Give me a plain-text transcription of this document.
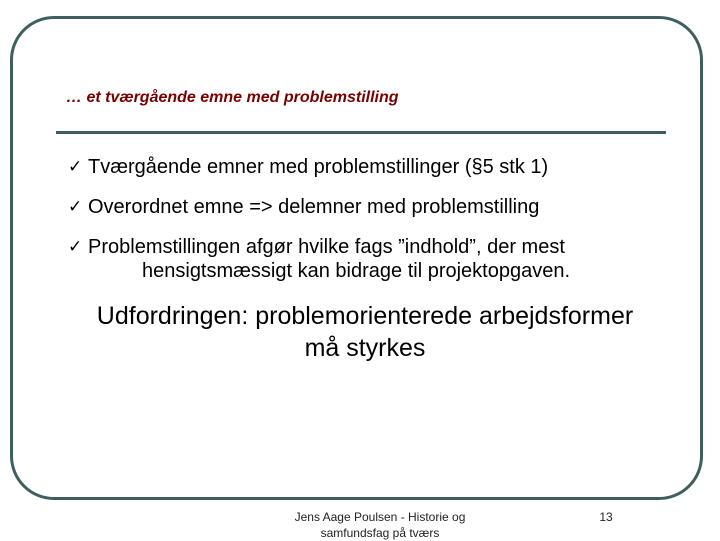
… et tværgående emne med problemstilling
✓ Tværgående emner med problemstillinger (§5 stk 1)
✓ Overordnet emne => delemner med problemstilling
✓ Problemstillingen afgør hvilke fags ”indhold”, der mest
hensigtsmæssigt kan bidrage til projektopgaven.
Udfordringen: problemorienterede arbejdsformer
må styrkes
Jens Aage Poulsen - Historie og
samfundsfag på tværs
13
